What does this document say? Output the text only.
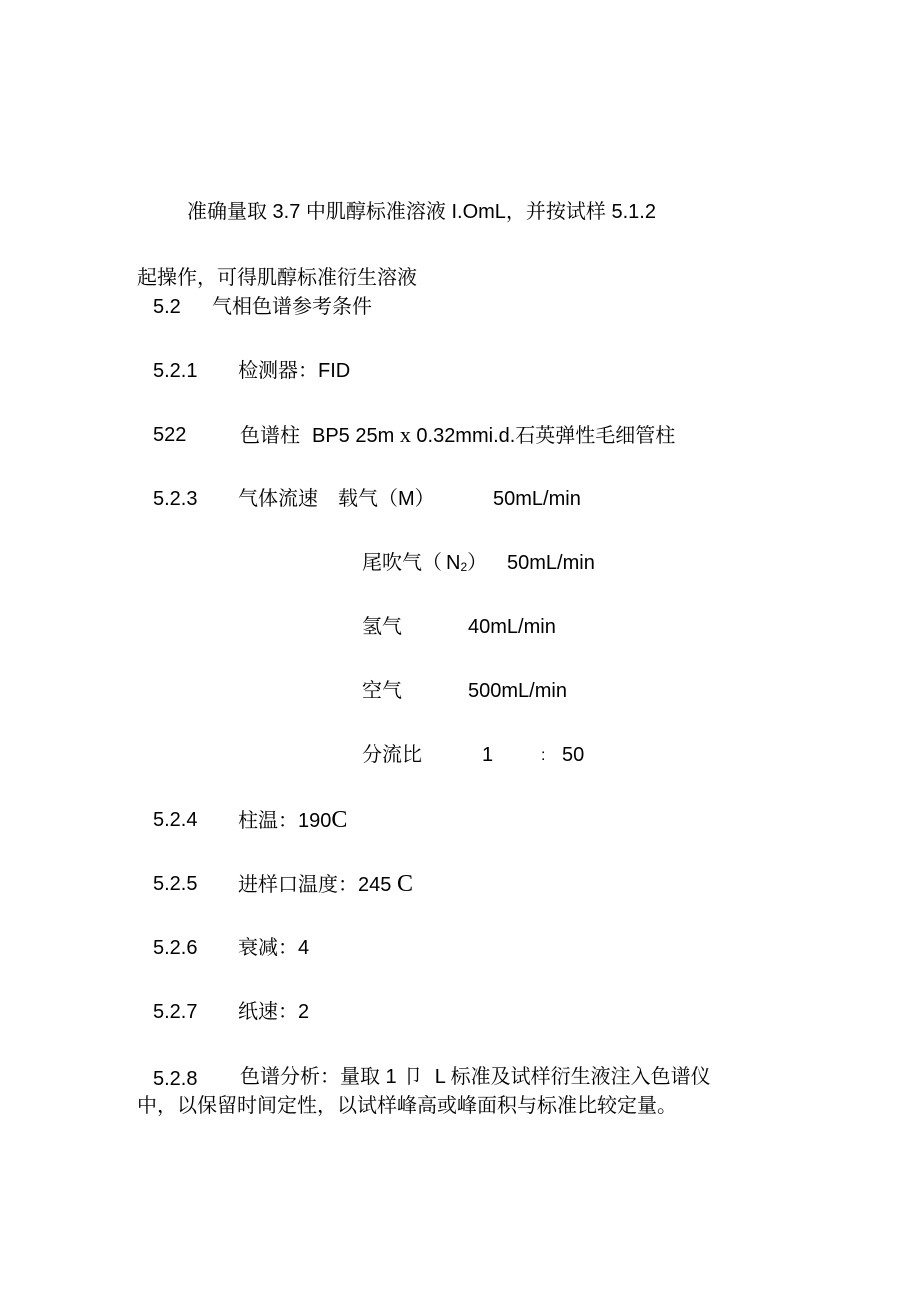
准确量取 3.7 中肌醇标准溶液 I.OmL，并按试样 5.1.2
起操作，可得肌醇标准衍生溶液
5.2 气相色谱参考条件
5.2.1 检测器：FID
522	色谱柱 BP5 25m x 0.32mmi.d.石英弹性毛细管柱
5.2.3 气体流速 载气（M）	50mL/min
尾吹气（ $N_2$） 50mL/min
氢气	40mL/min
空气	500mL/min
分流比	1	: 50
5.2.4 柱温：190C
5.2.5 进样口温度：245 C
5.2.6 衰减：4
5.2.7 纸速：2
5.2.8 色谱分析：量取 1 卩 L 标准及试样衍生液注入色谱仪
中，以保留时间定性，以试样峰高或峰面积与标准比较定量。
